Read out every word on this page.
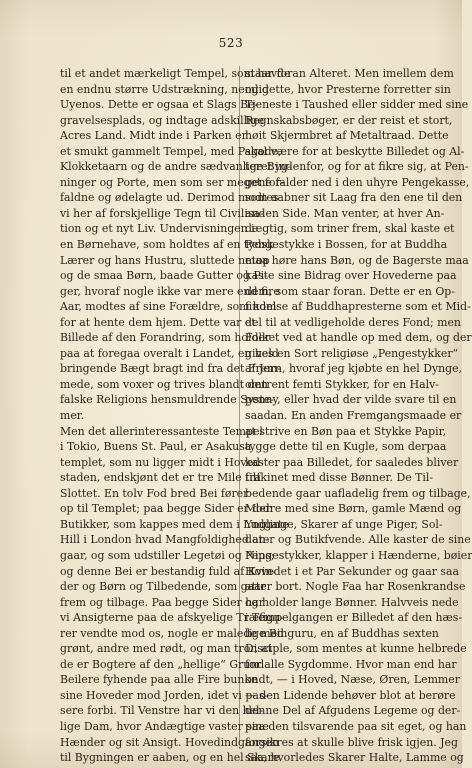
523
til et andet mærkeligt Tempel, som havde
en endnu større Udstrækning, nemlig
Uyenos. Dette er ogsaa et Slags Be-
gravelsesplads, og indtage adskillige
Acres Land. Midt inde i Parken er
et smukt gammelt Tempel, med Pagode,
Klokketaarn og de andre sædvanlige Byg-
ninger og Porte, men som ser meget for-
faldne og ødelagte ud. Derimod modtes
vi her af forskjellige Tegn til Civilisa-
tion og et nyt Liv. Undervisningen i
en Børnehave, som holdtes af en tydsk
Lærer og hans Hustru, sluttede netop
og de smaa Børn, baade Gutter og Pi-
ger, hvoraf nogle ikke var mere end fire
Aar, modtes af sine Forældre, som kom
for at hente dem hjem. Dette var et
Billede af den Forandring, som holder
paa at foregaa overalt i Landet, en held
bringende Bægt bragt ind fra det Frem-
mede, som voxer og trives blandt den
falske Religions hensmuldrende Syste-
mer.
Men det allerinteressanteste Tempel
i Tokio, Buens St. Paul, er Asakusa
templet, som nu ligger midt i Hoved-
staden, endskjønt det er tre Mile fra
Slottet. En tolv Fod bred Bei fører
op til Templet; paa begge Sider er der
Butikker, som kappes med dem i Ludgate
Hill i London hvad Mangfoldighed an-
gaar, og som udstiller Legetøi og Nips;
og denne Bei er bestandig fuld af Kvin-
der og Børn og Tilbedende, som gaar
frem og tilbage. Paa begge Sider har
vi Ansigterne paa de afskyelige Træfigu-
rer vendte mod os, nogle er malede med
grønt, andre med rødt, og man tror, at
de er Bogtere af den „hellige“ Grund.
Beilere fyhende paa alle Fire bunke
sine Hoveder mod Jorden, idet vi pas-
sere forbi. Til Venstre har vi den hel-
lige Dam, hvor Andægtige vaster sine
Hænder og sit Ansigt. Hovedindgangen
til Bygningen er aaben, og en hel Skare
staar foran Alteret. Men imellem dem
og dette, hvor Presterne forretter sin
Tjeneste i Taushed eller sidder med sine
Regnskabsbøger, er der reist et stort,
høit Skjermbret af Metaltraad. Dette
skal være for at beskytte Billedet og Al-
teret indenfor, og for at fikre sig, at Pen-
gene falder ned i den uhyre Pengekasse,
som aabner sit Laag fra den ene til den
anden Side. Man venter, at hver An-
dægtig, som triner frem, skal kaste et
Pengestykke i Bossen, for at Buddha
maa høre hans Bøn, og de Bagerste maa
kaste sine Bidrag over Hovederne paa
dem, som staar foran. Dette er en Op-
findelse af Buddhapresterne som et Mid-
del til at vedligeholde deres Fond; men
Folket ved at handle op med dem, og der
gives en Sort religiøse „Pengestykker“
af Jern, hvoraf jeg kjøbte en hel Dynge,
omtrent femti Stykker, for en Halv-
penny, eller hvad der vilde svare til en
saadan. En anden Fremgangsmaade er
at strive en Bøn paa et Stykke Papir,
tygge dette til en Kugle, som derpaa
kaster paa Billedet, for saaledes bliver
tilfkinet med disse Bønner. De Til-
bedende gaar uafladelig frem og tilbage,
Modre med sine Børn, gamle Mænd og
Ynglinge, Skarer af unge Piger, Sol-
dater og Butikfvende. Alle kaster de sine
Pengestykker, klapper i Hænderne, bøier
Hovedet i et Par Sekunder og gaar saa
atter bort. Nogle Faa har Rosenkrandse
og holder lange Bønner. Halvveis nede
i Tempelgangen er Billedet af den hæs-
lige Binguru, en af Buddhas sexten
Disciple, som mentes at kunne helbrede
for alle Sygdomme. Hvor man end har
ondt, — i Hoved, Næse, Øren, Lemmer
— den Lidende behøver blot at berøre
denne Del af Afgudens Legeme og der-
paa den tilsvarende paa sit eget, og han
forsikres at skulle blive frisk igjen. Jeg
saa, hvorledes Skarer Halte, Lamme og
